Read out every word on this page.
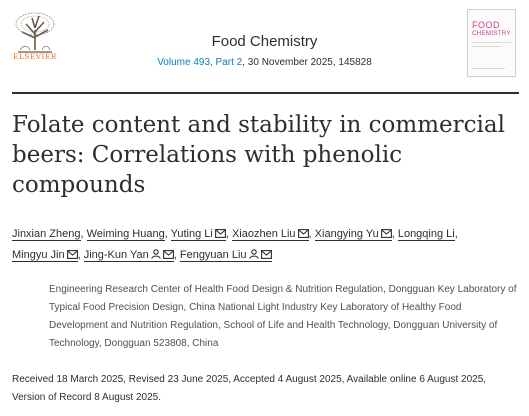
ELSEVIER
Food Chemistry
Volume 493, Part 2, 30 November 2025, 145828
FOOD
CHEMISTRY
Folate content and stability in commercial beers: Correlations with phenolic compounds
Jinxian Zheng, Weiming Huang, Yuting Li , Xiaozhen Liu , Xiangying Yu , Longqing Li,
Mingyu Jin , Jing-Kun Yan , Fengyuan Liu
Engineering Research Center of Health Food Design & Nutrition Regulation, Dongguan Key Laboratory of Typical Food Precision Design, China National Light Industry Key Laboratory of Healthy Food Development and Nutrition Regulation, School of Life and Health Technology, Dongguan University of Technology, Dongguan 523808, China
Received 18 March 2025, Revised 23 June 2025, Accepted 4 August 2025, Available online 6 August 2025, Version of Record 8 August 2025.
